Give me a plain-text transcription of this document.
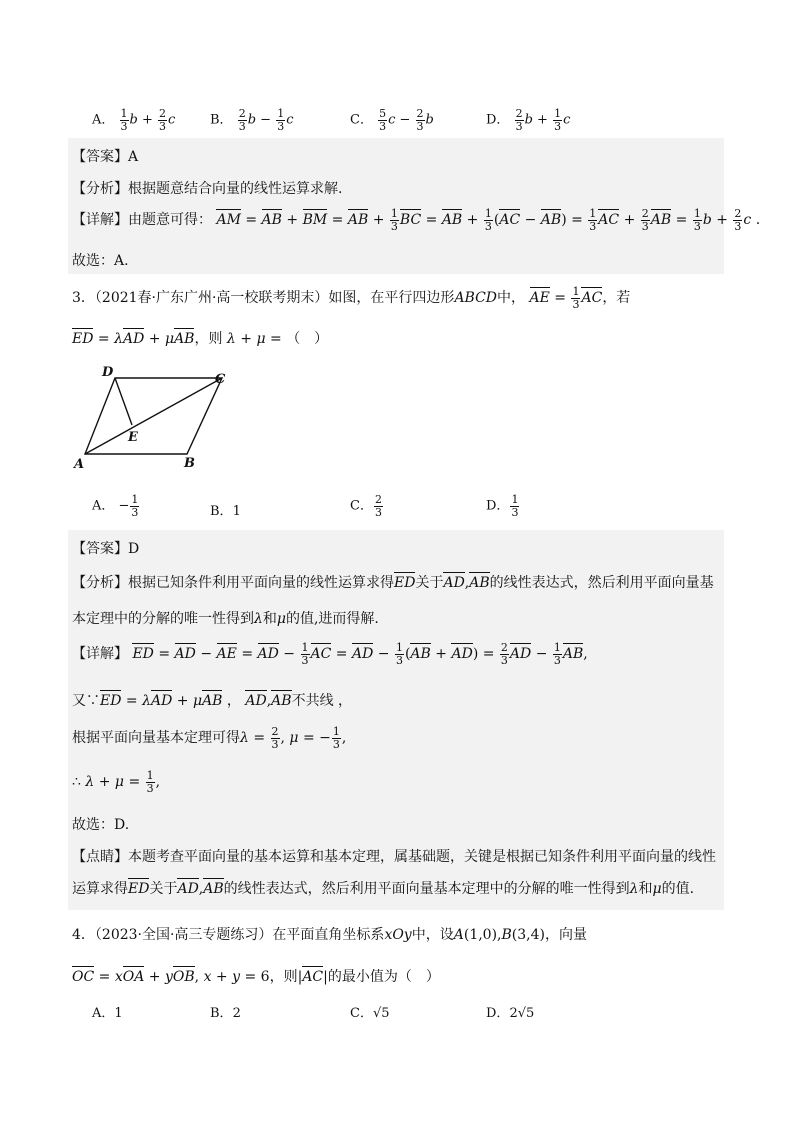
A． $\frac{1}{3}$ $b + \frac{2}{3}$ c	B． $\frac{2}{3}$ $b - \frac{1}{3}$ c	C． $\frac{5}{3}$ $c - \frac{2}{3}$ b	D． $\frac{2}{3}$ $b + \frac{1}{3}$ c
【答案】A
【分析】根据题意结合向量的线性运算求解.
【详解】由题意可得： AM = AB + BM = AB + $\frac{1}{3}$ BC = AB + $\frac{1}{3} (AC - AB) = \frac{1}{3}$ AC + $\frac{2}{3}$ AB = $\frac{1}{3}$ $b + \frac{2}{3}$ c .
故选：A.
3．（2021春·广东广州·高一校联考期末）如图，在平行四边形ABCD中， AE = $\frac{1}{3}$ AC，若
ED = λAD + μAB，则 λ + μ = （　）
D	C
E
A	B
A． − $\frac{1}{3}$	B．1	C． $\frac{2}{3}$	D． $\frac{1}{3}$
【答案】D
【分析】根据已知条件利用平面向量的线性运算求得ED关于AD,AB的线性表达式，然后利用平面向量基
本定理中的分解的唯一性得到λ和μ的值,进而得解.
【详解】 ED = AD − AE = AD − $\frac{1}{3}$ AC = AD − $\frac{1}{3} (AB + AD) = \frac{2}{3}$ AD − $\frac{1}{3}$ AB,
又∵ED = λAD + μAB ， AD,AB不共线 ，
根据平面向量基本定理可得$\lambda = \frac{2}{3}$ , μ = − $\frac{1}{3}$ ,
∴ $\lambda + \mu = \frac{1}{3}$ ,
故选：D.
【点睛】本题考查平面向量的基本运算和基本定理，属基础题，关键是根据已知条件利用平面向量的线性
运算求得ED关于AD,AB的线性表达式，然后利用平面向量基本定理中的分解的唯一性得到λ和μ的值.
4．（2023·全国·高三专题练习）在平面直角坐标系xOy中，设A(1,0),B(3,4)，向量
OC = xOA + yOB, x + y = 6，则|AC|的最小值为（　）
A．1	B．2	C．√5	D．2√5
